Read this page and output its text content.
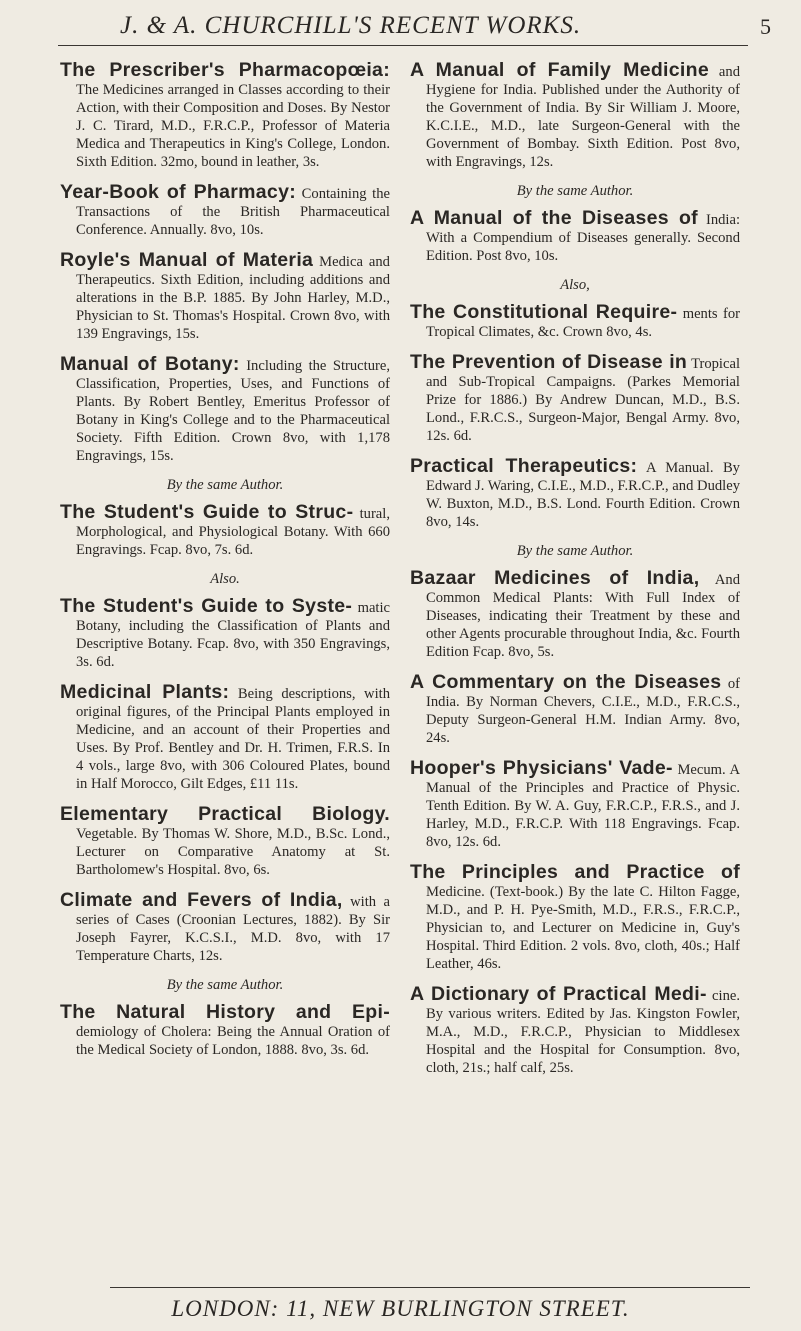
J. & A. CHURCHILL'S RECENT WORKS.	5
The Prescriber's Pharmacopœia: The Medicines arranged in Classes according to their Action, with their Composition and Doses. By Nestor J. C. Tirard, M.D., F.R.C.P., Professor of Materia Medica and Therapeutics in King's College, London. Sixth Edition. 32mo, bound in leather, 3s.
Year-Book of Pharmacy: Containing the Transactions of the British Pharmaceutical Conference. Annually. 8vo, 10s.
Royle's Manual of Materia Medica and Therapeutics. Sixth Edition, including additions and alterations in the B.P. 1885. By John Harley, M.D., Physician to St. Thomas's Hospital. Crown 8vo, with 139 Engravings, 15s.
Manual of Botany: Including the Structure, Classification, Properties, Uses, and Functions of Plants. By Robert Bentley, Emeritus Professor of Botany in King's College and to the Pharmaceutical Society. Fifth Edition. Crown 8vo, with 1,178 Engravings, 15s.
By the same Author.
The Student's Guide to Struc- tural, Morphological, and Physiological Botany. With 660 Engravings. Fcap. 8vo, 7s. 6d.
Also.
The Student's Guide to Syste- matic Botany, including the Classification of Plants and Descriptive Botany. Fcap. 8vo, with 350 Engravings, 3s. 6d.
Medicinal Plants: Being descriptions, with original figures, of the Principal Plants employed in Medicine, and an account of their Properties and Uses. By Prof. Bentley and Dr. H. Trimen, F.R.S. In 4 vols., large 8vo, with 306 Coloured Plates, bound in Half Morocco, Gilt Edges, £11 11s.
Elementary Practical Biology. Vegetable. By Thomas W. Shore, M.D., B.Sc. Lond., Lecturer on Comparative Anatomy at St. Bartholomew's Hospital. 8vo, 6s.
Climate and Fevers of India, with a series of Cases (Croonian Lectures, 1882). By Sir Joseph Fayrer, K.C.S.I., M.D. 8vo, with 17 Temperature Charts, 12s.
By the same Author.
The Natural History and Epi- demiology of Cholera: Being the Annual Oration of the Medical Society of London, 1888. 8vo, 3s. 6d.
A Manual of Family Medicine and Hygiene for India. Published under the Authority of the Government of India. By Sir William J. Moore, K.C.I.E., M.D., late Surgeon-General with the Government of Bombay. Sixth Edition. Post 8vo, with Engravings, 12s.
By the same Author.
A Manual of the Diseases of India: With a Compendium of Diseases generally. Second Edition. Post 8vo, 10s.
Also,
The Constitutional Require- ments for Tropical Climates, &c. Crown 8vo, 4s.
The Prevention of Disease in Tropical and Sub-Tropical Campaigns. (Parkes Memorial Prize for 1886.) By Andrew Duncan, M.D., B.S. Lond., F.R.C.S., Surgeon-Major, Bengal Army. 8vo, 12s. 6d.
Practical Therapeutics: A Manual. By Edward J. Waring, C.I.E., M.D., F.R.C.P., and Dudley W. Buxton, M.D., B.S. Lond. Fourth Edition. Crown 8vo, 14s.
By the same Author.
Bazaar Medicines of India, And Common Medical Plants: With Full Index of Diseases, indicating their Treatment by these and other Agents procurable throughout India, &c. Fourth Edition Fcap. 8vo, 5s.
A Commentary on the Diseases of India. By Norman Chevers, C.I.E., M.D., F.R.C.S., Deputy Surgeon-General H.M. Indian Army. 8vo, 24s.
Hooper's Physicians' Vade- Mecum. A Manual of the Principles and Practice of Physic. Tenth Edition. By W. A. Guy, F.R.C.P., F.R.S., and J. Harley, M.D., F.R.C.P. With 118 Engravings. Fcap. 8vo, 12s. 6d.
The Principles and Practice of Medicine. (Text-book.) By the late C. Hilton Fagge, M.D., and P. H. Pye-Smith, M.D., F.R.S., F.R.C.P., Physician to, and Lecturer on Medicine in, Guy's Hospital. Third Edition. 2 vols. 8vo, cloth, 40s.; Half Leather, 46s.
A Dictionary of Practical Medi- cine. By various writers. Edited by Jas. Kingston Fowler, M.A., M.D., F.R.C.P., Physician to Middlesex Hospital and the Hospital for Consumption. 8vo, cloth, 21s.; half calf, 25s.
LONDON: 11, NEW BURLINGTON STREET.
